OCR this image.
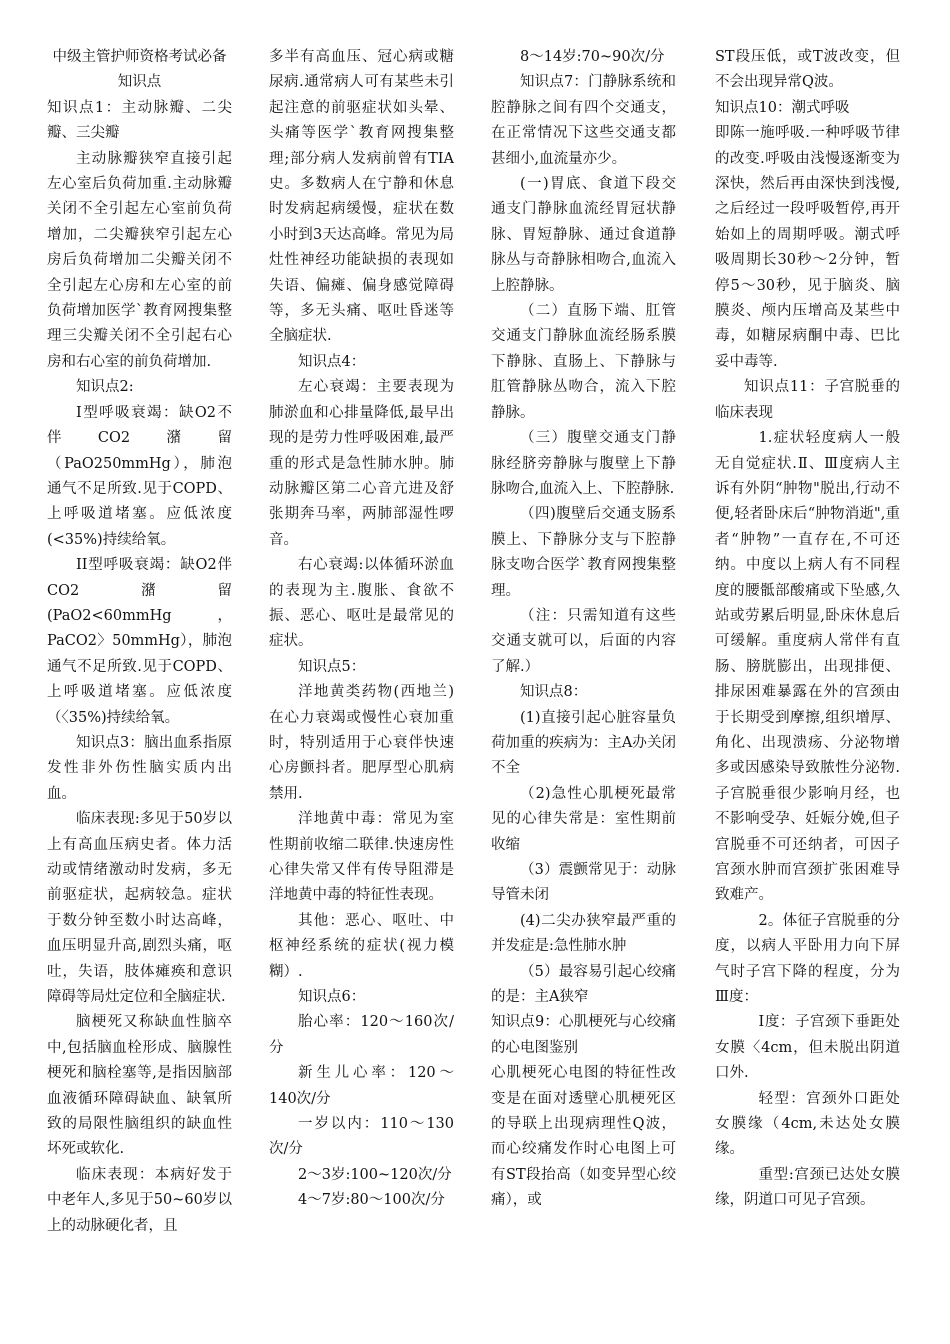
中级主管护师资格考试必备知识点

知识点1：主动脉瓣、二尖瓣、三尖瓣

主动脉瓣狭窄直接引起左心室后负荷加重.主动脉瓣关闭不全引起左心室前负荷增加，二尖瓣狭窄引起左心房后负荷增加二尖瓣关闭不全引起左心房和左心室的前负荷增加医学`教育网搜集整理三尖瓣关闭不全引起右心房和右心室的前负荷增加.

知识点2:

I型呼吸衰竭：缺O2不伴CO2潴留（PaO250mmHg），肺泡通气不足所致.见于COPD、上呼吸道堵塞。应低浓度(<35%)持续给氧。

II型呼吸衰竭：缺O2伴CO2潴留(PaO2<60mmHg，PaCO2〉50mmHg），肺泡通气不足所致.见于COPD、上呼吸道堵塞。应低浓度（〈35%)持续给氧。

知识点3：脑出血系指原发性非外伤性脑实质内出血。

临床表现:多见于50岁以上有高血压病史者。体力活动或情绪激动时发病，多无前驱症状，起病较急。症状于数分钟至数小时达高峰，血压明显升高,剧烈头痛，呕吐，失语，肢体瘫痪和意识障碍等局灶定位和全脑症状.

脑梗死又称缺血性脑卒中,包括脑血栓形成、脑腺性梗死和脑栓塞等,是指因脑部血液循环障碍缺血、缺氧所致的局限性脑组织的缺血性坏死或软化.

临床表现：本病好发于中老年人,多见于50~60岁以上的动脉硬化者，且

多半有高血压、冠心病或糖尿病.通常病人可有某些未引起注意的前驱症状如头晕、头痛等医学`教育网搜集整理;部分病人发病前曾有TIA史。多数病人在宁静和休息时发病起病缓慢，症状在数小时到3天达高峰。常见为局灶性神经功能缺损的表现如失语、偏瘫、偏身感觉障碍等，多无头痛、呕吐昏迷等全脑症状.

知识点4：

左心衰竭：主要表现为肺淤血和心排量降低,最早出现的是劳力性呼吸困难,最严重的形式是急性肺水肿。肺动脉瓣区第二心音亢进及舒张期奔马率，两肺部湿性啰音。

右心衰竭:以体循环淤血的表现为主.腹胀、食欲不振、恶心、呕吐是最常见的症状。

知识点5：

洋地黄类药物(西地兰)在心力衰竭或慢性心衰加重时，特别适用于心衰伴快速心房颤抖者。肥厚型心肌病禁用.

洋地黄中毒：常见为室性期前收缩二联律.快速房性心律失常又伴有传导阻滞是洋地黄中毒的特征性表现。

其他：恶心、呕吐、中枢神经系统的症状(视力模糊）.

知识点6：

胎心率：120～160次/分

新生儿心率：120～140次/分

一岁以内：110～130次/分

2～3岁:100~120次/分

4～7岁:80～100次/分

8～14岁:70~90次/分

知识点7：门静脉系统和腔静脉之间有四个交通支，在正常情况下这些交通支都甚细小,血流量亦少。

(一)胃底、食道下段交通支门静脉血流经胃冠状静脉、胃短静脉、通过食道静脉丛与奇静脉相吻合,血流入上腔静脉。

（二）直肠下端、肛管交通支门静脉血流经肠系膜下静脉、直肠上、下静脉与肛管静脉丛吻合，流入下腔静脉。

（三）腹壁交通支门静脉经脐旁静脉与腹壁上下静脉吻合,血流入上、下腔静脉.

（四)腹壁后交通支肠系膜上、下静脉分支与下腔静脉支吻合医学`教育网搜集整理。

（注：只需知道有这些交通支就可以，后面的内容了解.）

知识点8：

(1)直接引起心脏容量负荷加重的疾病为：主A办关闭不全

（2)急性心肌梗死最常见的心律失常是：室性期前收缩

（3）震颤常见于：动脉导管未闭

(4)二尖办狭窄最严重的并发症是:急性肺水肿

（5）最容易引起心绞痛的是：主A狭窄

知识点9：心肌梗死与心绞痛的心电图鉴别

心肌梗死心电图的特征性改变是在面对透壁心肌梗死区的导联上出现病理性Q波，而心绞痛发作时心电图上可有ST段抬高（如变异型心绞痛），或

ST段压低，或T波改变，但不会出现异常Q波。

知识点10：潮式呼吸

即陈一施呼吸.一种呼吸节律的改变.呼吸由浅慢逐渐变为深快，然后再由深快到浅慢,之后经过一段呼吸暂停,再开始如上的周期呼吸。潮式呼吸周期长30秒～2分钟，暂停5～30秒，见于脑炎、脑膜炎、颅内压增高及某些中毒，如糖尿病酮中毒、巴比妥中毒等.

知识点11：子宫脱垂的临床表现

1.症状轻度病人一般无自觉症状.Ⅱ、Ⅲ度病人主诉有外阴“肿物"脱出,行动不便,轻者卧床后“肿物消逝",重者“肿物”一直存在,不可还纳。中度以上病人有不同程度的腰骶部酸痛或下坠感,久站或劳累后明显,卧床休息后可缓解。重度病人常伴有直肠、膀胱膨出，出现排便、排尿困难暴露在外的宫颈由于长期受到摩擦,组织增厚、角化、出现溃疡、分泌物增多或因感染导致脓性分泌物.子宫脱垂很少影响月经，也不影响受孕、妊娠分娩,但子宫脱垂不可还纳者，可因子宫颈水肿而宫颈扩张困难导致难产。

2。体征子宫脱垂的分度，以病人平卧用力向下屏气时子宫下降的程度，分为Ⅲ度：

Ⅰ度：子宫颈下垂距处女膜〈4cm，但未脱出阴道口外.

轻型：宫颈外口距处女膜缘（4cm,未达处女膜缘。

重型:宫颈已达处女膜缘，阴道口可见子宫颈。
